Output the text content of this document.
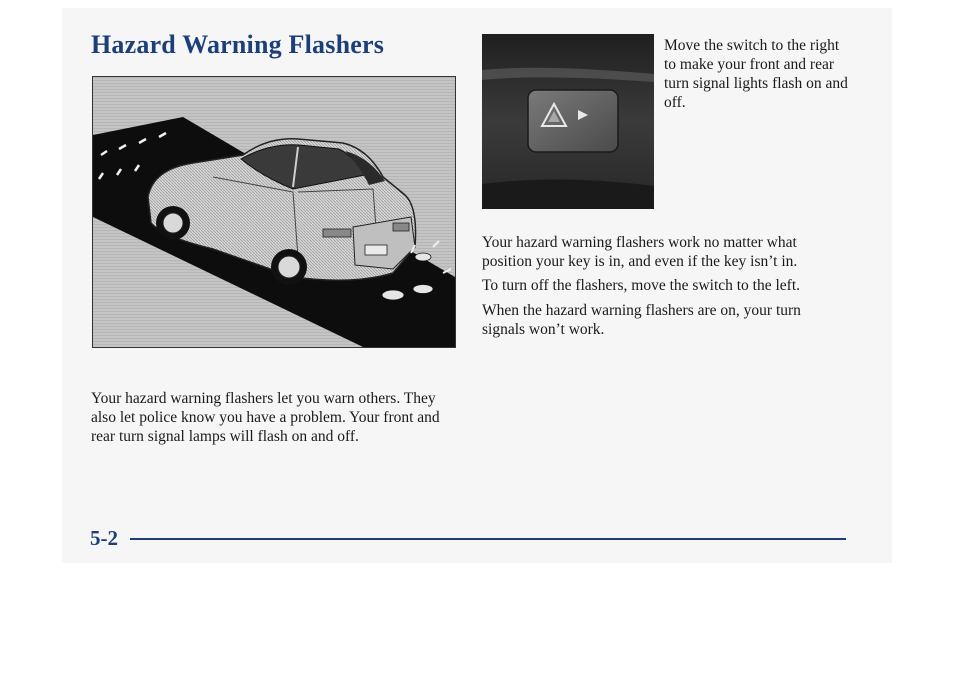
Hazard Warning Flashers	Move the switch to the right to make your front and rear turn signal lights flash on and off.

Your hazard warning flashers work no matter what position your key is in, and even if the key isn’t in.

To turn off the flashers, move the switch to the left.

When the hazard warning flashers are on, your turn signals won’t work.

Your hazard warning flashers let you warn others. They also let police know you have a problem. Your front and rear turn signal lamps will flash on and off.

5-2
